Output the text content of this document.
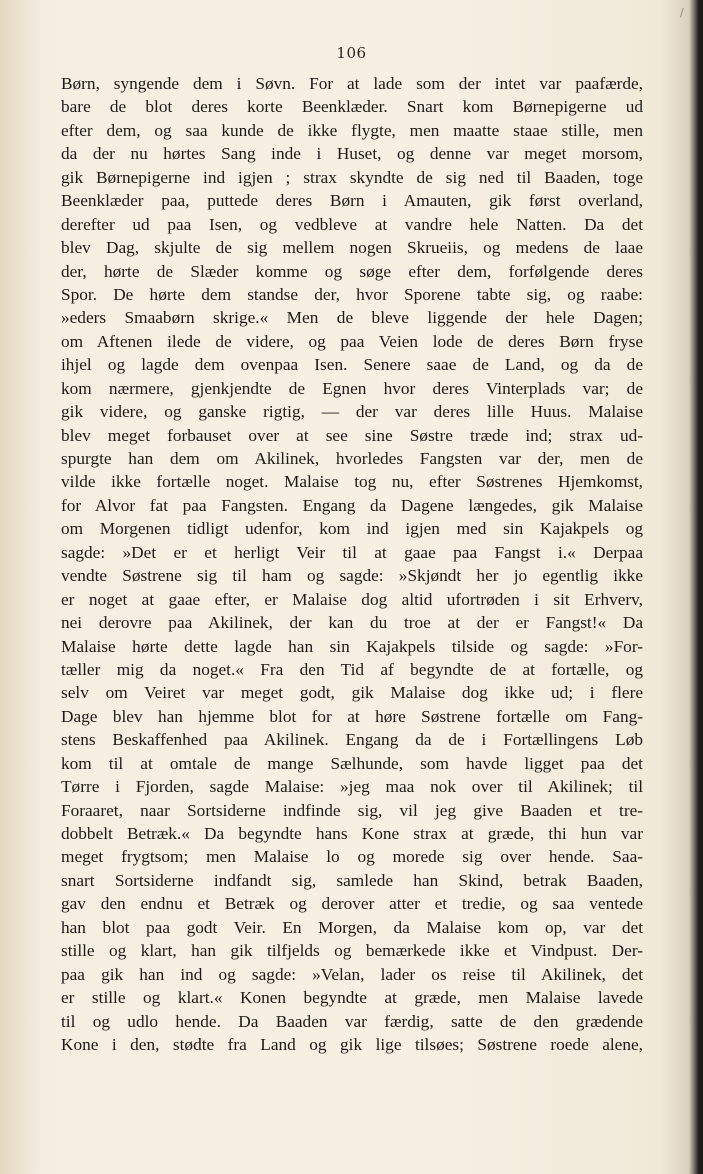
/
106
Børn, syngende dem i Søvn. For at lade som der intet var paafærde,
bare de blot deres korte Beenklæder. Snart kom Børnepigerne ud
efter dem, og saa kunde de ikke flygte, men maatte staae stille, men
da der nu hørtes Sang inde i Huset, og denne var meget morsom,
gik Børnepigerne ind igjen ; strax skyndte de sig ned til Baaden, toge
Beenklæder paa, puttede deres Børn i Amauten, gik først overland,
derefter ud paa Isen, og vedbleve at vandre hele Natten. Da det
blev Dag, skjulte de sig mellem nogen Skrueiis, og medens de laae
der, hørte de Slæder komme og søge efter dem, forfølgende deres
Spor. De hørte dem standse der, hvor Sporene tabte sig, og raabe:
»eders Smaabørn skrige.« Men de bleve liggende der hele Dagen;
om Aftenen ilede de videre, og paa Veien lode de deres Børn fryse
ihjel og lagde dem ovenpaa Isen. Senere saae de Land, og da de
kom nærmere, gjenkjendte de Egnen hvor deres Vinterplads var; de
gik videre, og ganske rigtig, — der var deres lille Huus. Malaise
blev meget forbauset over at see sine Søstre træde ind; strax ud-
spurgte han dem om Akilinek, hvorledes Fangsten var der, men de
vilde ikke fortælle noget. Malaise tog nu, efter Søstrenes Hjemkomst,
for Alvor fat paa Fangsten. Engang da Dagene længedes, gik Malaise
om Morgenen tidligt udenfor, kom ind igjen med sin Kajakpels og
sagde: »Det er et herligt Veir til at gaae paa Fangst i.« Derpaa
vendte Søstrene sig til ham og sagde: »Skjøndt her jo egentlig ikke
er noget at gaae efter, er Malaise dog altid ufortrøden i sit Erhverv,
nei derovre paa Akilinek, der kan du troe at der er Fangst!« Da
Malaise hørte dette lagde han sin Kajakpels tilside og sagde: »For-
tæller mig da noget.« Fra den Tid af begyndte de at fortælle, og
selv om Veiret var meget godt, gik Malaise dog ikke ud; i flere
Dage blev han hjemme blot for at høre Søstrene fortælle om Fang-
stens Beskaffenhed paa Akilinek. Engang da de i Fortællingens Løb
kom til at omtale de mange Sælhunde, som havde ligget paa det
Tørre i Fjorden, sagde Malaise: »jeg maa nok over til Akilinek; til
Foraaret, naar Sortsiderne indfinde sig, vil jeg give Baaden et tre-
dobbelt Betræk.« Da begyndte hans Kone strax at græde, thi hun var
meget frygtsom; men Malaise lo og morede sig over hende. Saa-
snart Sortsiderne indfandt sig, samlede han Skind, betrak Baaden,
gav den endnu et Betræk og derover atter et tredie, og saa ventede
han blot paa godt Veir. En Morgen, da Malaise kom op, var det
stille og klart, han gik tilfjelds og bemærkede ikke et Vindpust. Der-
paa gik han ind og sagde: »Velan, lader os reise til Akilinek, det
er stille og klart.« Konen begyndte at græde, men Malaise lavede
til og udlo hende. Da Baaden var færdig, satte de den grædende
Kone i den, stødte fra Land og gik lige tilsøes; Søstrene roede alene,
